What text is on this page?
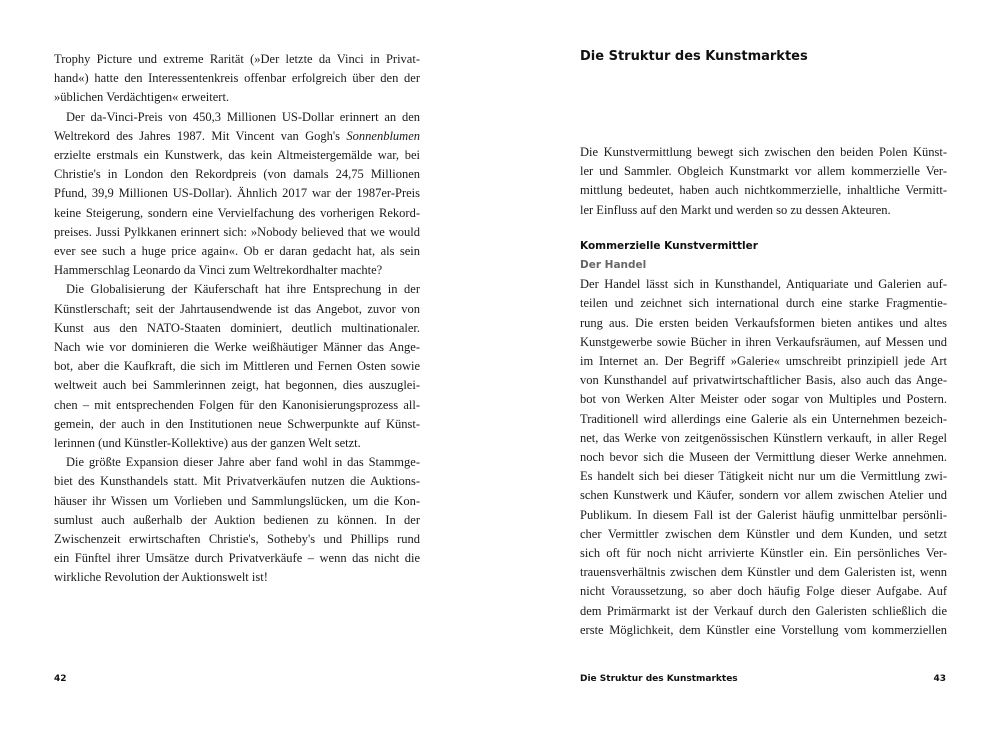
Trophy Picture und extreme Rarität (»Der letzte da Vinci in Privat-
hand«) hatte den Interessentenkreis offenbar erfolgreich über den der
»üblichen Verdächtigen« erweitert.
Der da-Vinci-Preis von 450,3 Millionen US-Dollar erinnert an den
Weltrekord des Jahres 1987. Mit Vincent van Gogh's Sonnenblumen
erzielte erstmals ein Kunstwerk, das kein Altmeistergemälde war, bei
Christie's in London den Rekordpreis (von damals 24,75 Millionen
Pfund, 39,9 Millionen US-Dollar). Ähnlich 2017 war der 1987er-Preis
keine Steigerung, sondern eine Vervielfachung des vorherigen Rekord-
preises. Jussi Pylkkanen erinnert sich: »Nobody believed that we would
ever see such a huge price again«. Ob er daran gedacht hat, als sein
Hammerschlag Leonardo da Vinci zum Weltrekordhalter machte?
Die Globalisierung der Käuferschaft hat ihre Entsprechung in der
Künstlerschaft; seit der Jahrtausendwende ist das Angebot, zuvor von
Kunst aus den NATO-Staaten dominiert, deutlich multinationaler.
Nach wie vor dominieren die Werke weißhäutiger Männer das Ange-
bot, aber die Kaufkraft, die sich im Mittleren und Fernen Osten sowie
weltweit auch bei Sammlerinnen zeigt, hat begonnen, dies auszuglei-
chen – mit entsprechenden Folgen für den Kanonisierungsprozess all-
gemein, der auch in den Institutionen neue Schwerpunkte auf Künst-
lerinnen (und Künstler-Kollektive) aus der ganzen Welt setzt.
Die größte Expansion dieser Jahre aber fand wohl in das Stammge-
biet des Kunsthandels statt. Mit Privatverkäufen nutzen die Auktions-
häuser ihr Wissen um Vorlieben und Sammlungslücken, um die Kon-
sumlust auch außerhalb der Auktion bedienen zu können. In der
Zwischenzeit erwirtschaften Christie's, Sotheby's und Phillips rund
ein Fünftel ihrer Umsätze durch Privatverkäufe – wenn das nicht die
wirkliche Revolution der Auktionswelt ist!
42
Die Struktur des Kunstmarktes
Die Kunstvermittlung bewegt sich zwischen den beiden Polen Künst-
ler und Sammler. Obgleich Kunstmarkt vor allem kommerzielle Ver-
mittlung bedeutet, haben auch nichtkommerzielle, inhaltliche Vermitt-
ler Einfluss auf den Markt und werden so zu dessen Akteuren.
Kommerzielle Kunstvermittler
Der Handel
Der Handel lässt sich in Kunsthandel, Antiquariate und Galerien auf-
teilen und zeichnet sich international durch eine starke Fragmentie-
rung aus. Die ersten beiden Verkaufsformen bieten antikes und altes
Kunstgewerbe sowie Bücher in ihren Verkaufsräumen, auf Messen und
im Internet an. Der Begriff »Galerie« umschreibt prinzipiell jede Art
von Kunsthandel auf privatwirtschaftlicher Basis, also auch das Ange-
bot von Werken Alter Meister oder sogar von Multiples und Postern.
Traditionell wird allerdings eine Galerie als ein Unternehmen bezeich-
net, das Werke von zeitgenössischen Künstlern verkauft, in aller Regel
noch bevor sich die Museen der Vermittlung dieser Werke annehmen.
Es handelt sich bei dieser Tätigkeit nicht nur um die Vermittlung zwi-
schen Kunstwerk und Käufer, sondern vor allem zwischen Atelier und
Publikum. In diesem Fall ist der Galerist häufig unmittelbar persönli-
cher Vermittler zwischen dem Künstler und dem Kunden, und setzt
sich oft für noch nicht arrivierte Künstler ein. Ein persönliches Ver-
trauensverhältnis zwischen dem Künstler und dem Galeristen ist, wenn
nicht Voraussetzung, so aber doch häufig Folge dieser Aufgabe. Auf
dem Primärmarkt ist der Verkauf durch den Galeristen schließlich die
erste Möglichkeit, dem Künstler eine Vorstellung vom kommerziellen
Die Struktur des Kunstmarktes	43
